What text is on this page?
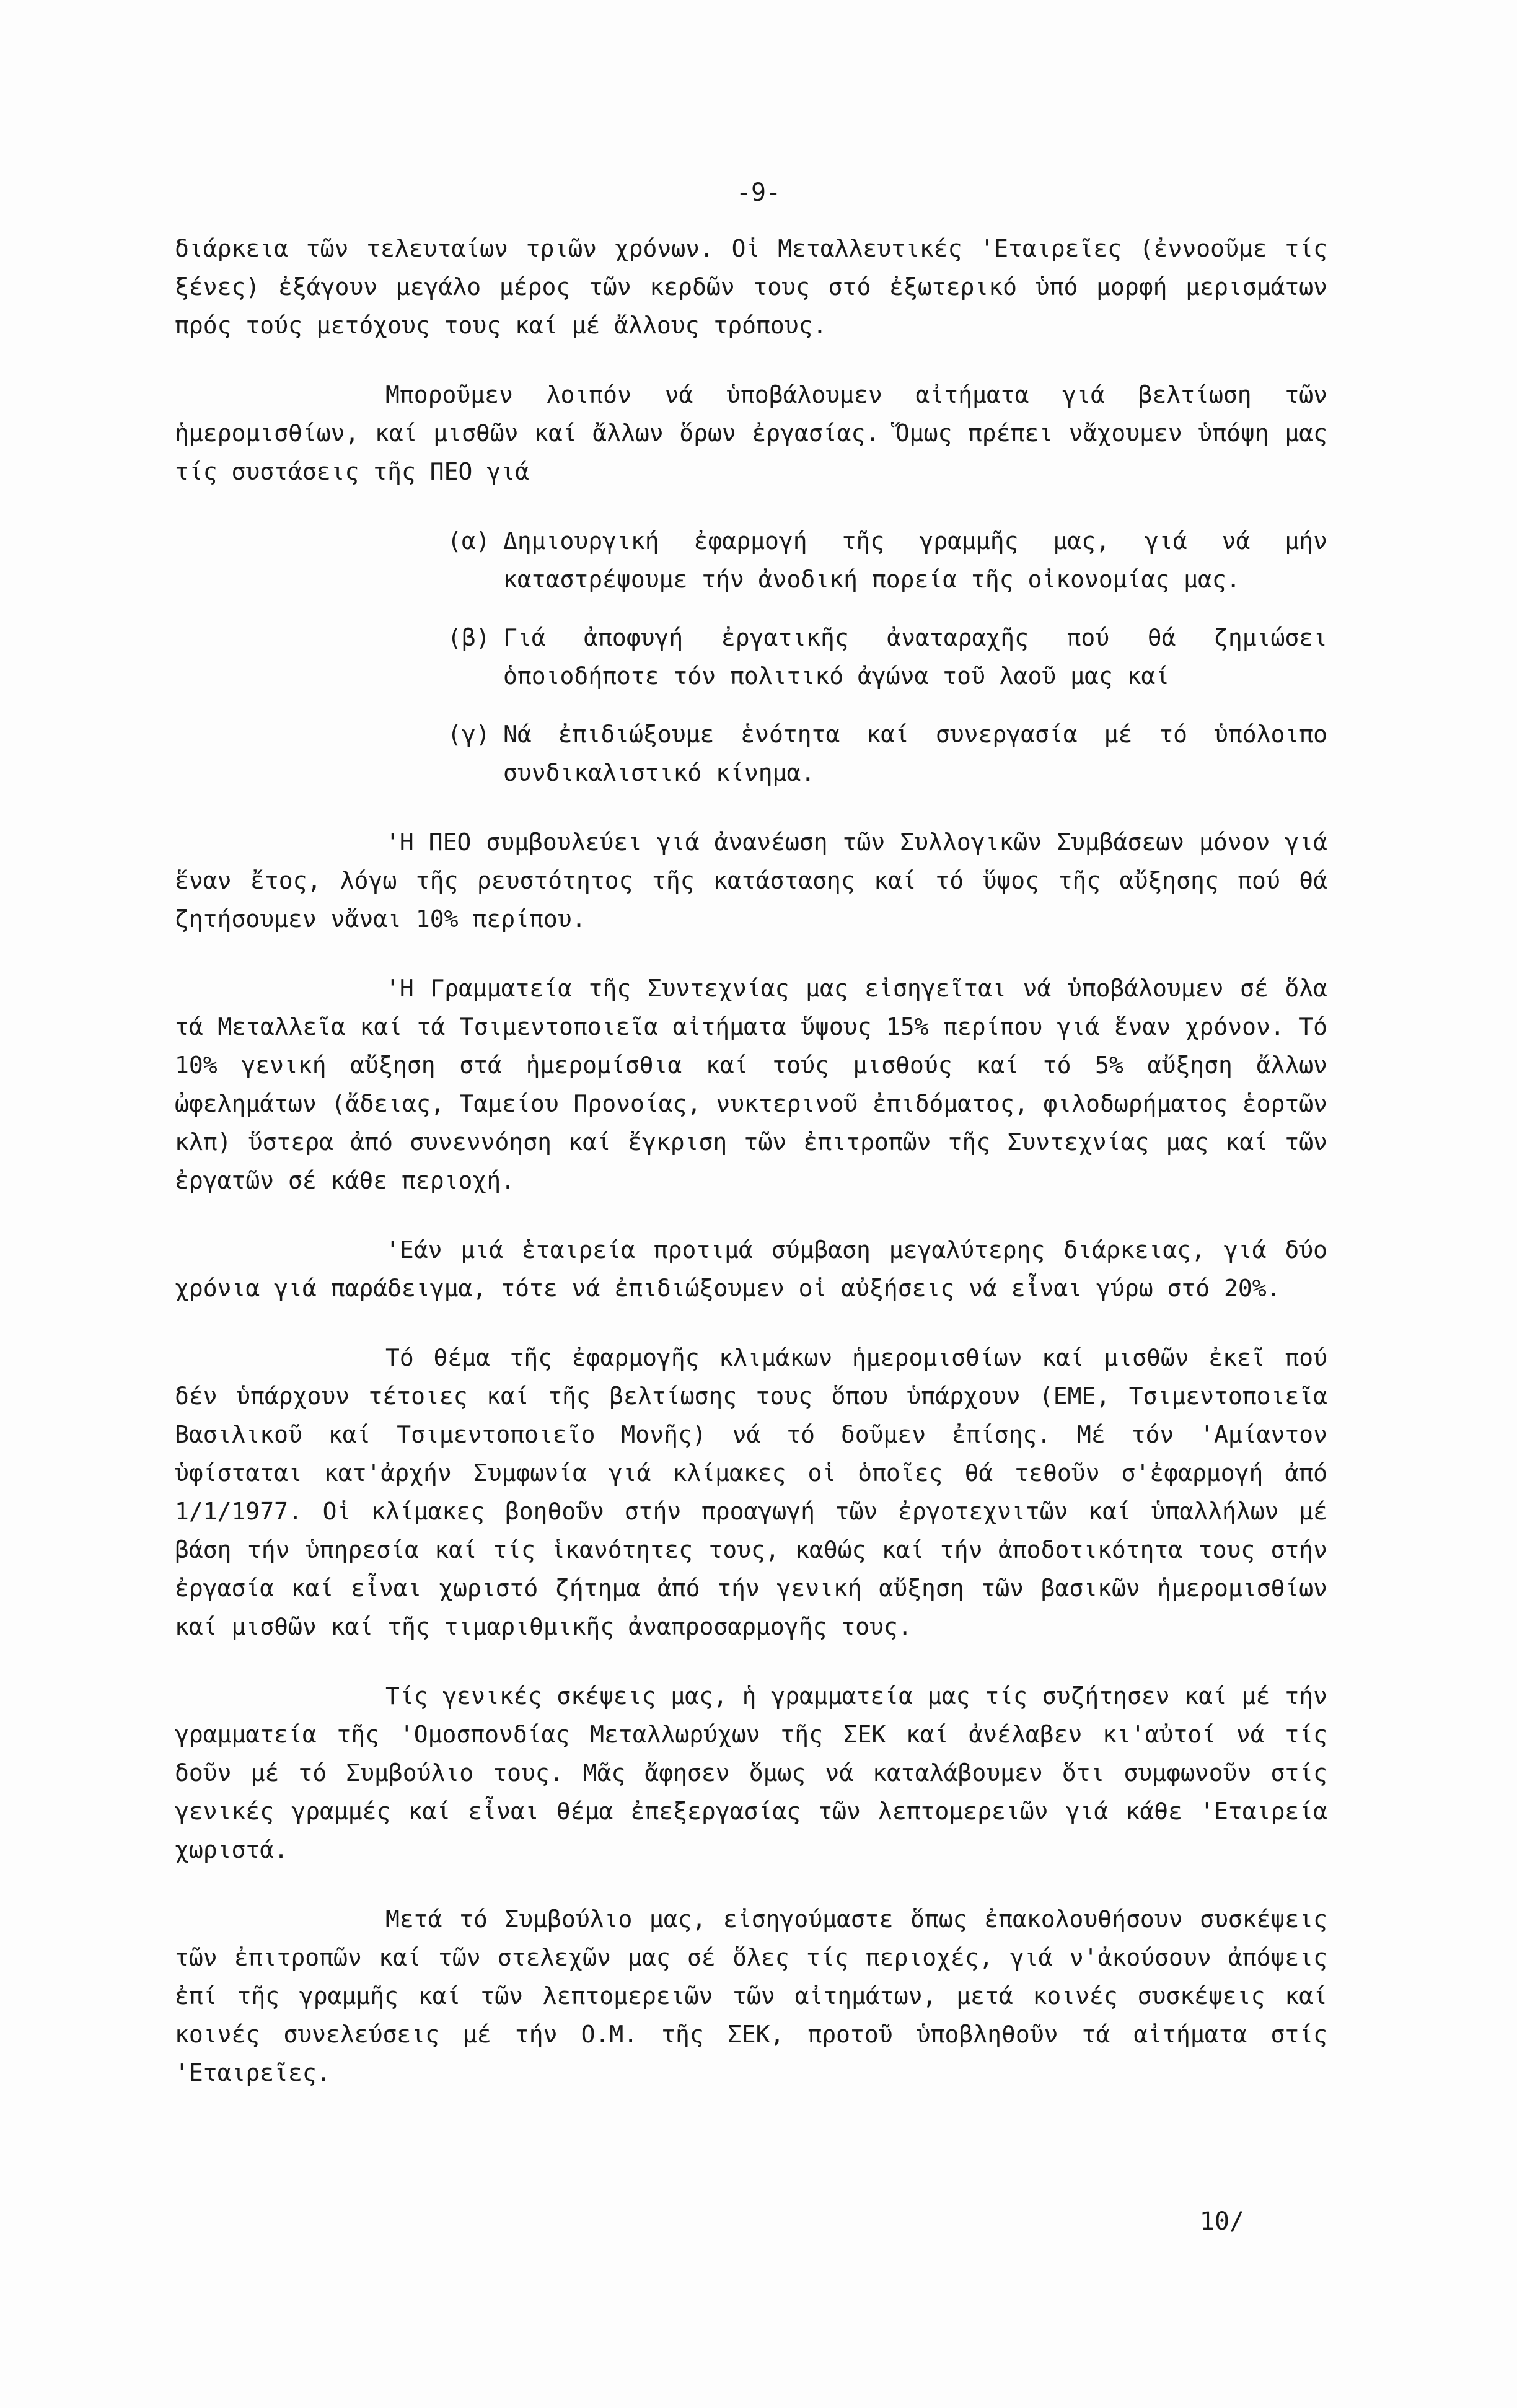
-9-

διάρκεια τῶν τελευταίων τριῶν χρόνων. Οἱ Μεταλλευτικές 'Εταιρεῖες (ἐννοοῦμε τίς ξένες) ἐξάγουν μεγάλο μέρος τῶν κερδῶν τους στό ἐξωτερικό ὑπό μορφή μερισμάτων πρός τούς μετόχους τους καί μέ ἄλλους τρόπους.

Μποροῦμεν λοιπόν νά ὑποβάλουμεν αἰτήματα γιά βελτίωση τῶν ἡμερομισθίων, καί μισθῶν καί ἄλλων ὅρων ἐργασίας. Ὅμως πρέπει νἄχουμεν ὑπόψη μας τίς συστάσεις τῆς ΠΕΟ γιά

(α) Δημιουργική ἐφαρμογή τῆς γραμμῆς μας, γιά νά μήν καταστρέψουμε τήν ἀνοδική πορεία τῆς οἰκονομίας μας.
(β) Γιά ἀποφυγή ἐργατικῆς ἀναταραχῆς πού θά ζημιώσει ὁποιοδήποτε τόν πολιτικό ἀγώνα τοῦ λαοῦ μας καί
(γ) Νά ἐπιδιώξουμε ἑνότητα καί συνεργασία μέ τό ὑπόλοιπο συνδικαλιστικό κίνημα.

'Η ΠΕΟ συμβουλεύει γιά ἀνανέωση τῶν Συλλογικῶν Συμβάσεων μόνον γιά ἕναν ἔτος, λόγω τῆς ρευστότητος τῆς κατάστασης καί τό ὕψος τῆς αὔξησης πού θά ζητήσουμεν νἄναι 10% περίπου.

'Η Γραμματεία τῆς Συντεχνίας μας εἰσηγεῖται νά ὑποβάλουμεν σέ ὅλα τά Μεταλλεῖα καί τά Τσιμεντοποιεῖα αἰτήματα ὕψους 15% περίπου γιά ἕναν χρόνον. Τό 10% γενική αὔξηση στά ἡμερομίσθια καί τούς μισθούς καί τό 5% αὔξηση ἄλλων ὠφελημάτων (ἄδειας, Ταμείου Προνοίας, νυκτερινοῦ ἐπιδόματος, φιλοδωρήματος ἑορτῶν κλπ) ὕστερα ἀπό συνεννόηση καί ἔγκριση τῶν ἐπιτροπῶν τῆς Συντεχνίας μας καί τῶν ἐργατῶν σέ κάθε περιοχή.

'Εάν μιά ἑταιρεία προτιμά σύμβαση μεγαλύτερης διάρκειας, γιά δύο χρόνια γιά παράδειγμα, τότε νά ἐπιδιώξουμεν οἱ αὐξήσεις νά εἶναι γύρω στό 20%.

Τό θέμα τῆς ἐφαρμογῆς κλιμάκων ἡμερομισθίων καί μισθῶν ἐκεῖ πού δέν ὑπάρχουν τέτοιες καί τῆς βελτίωσης τους ὅπου ὑπάρχουν (ΕΜΕ, Τσιμεντοποιεῖα Βασιλικοῦ καί Τσιμεντοποιεῖο Μονῆς) νά τό δοῦμεν ἐπίσης. Μέ τόν 'Αμίαντον ὑφίσταται κατ'ἀρχήν Συμφωνία γιά κλίμακες οἱ ὁποῖες θά τεθοῦν σ'ἐφαρμογή ἀπό 1/1/1977. Οἱ κλίμακες βοηθοῦν στήν προαγωγή τῶν ἐργοτεχνιτῶν καί ὑπαλλήλων μέ βάση τήν ὑπηρεσία καί τίς ἱκανότητες τους, καθώς καί τήν ἀποδοτικότητα τους στήν ἐργασία καί εἶναι χωριστό ζήτημα ἀπό τήν γενική αὔξηση τῶν βασικῶν ἡμερομισθίων καί μισθῶν καί τῆς τιμαριθμικῆς ἀναπροσαρμογῆς τους.

Τίς γενικές σκέψεις μας, ἡ γραμματεία μας τίς συζήτησεν καί μέ τήν γραμματεία τῆς 'Ομοσπονδίας Μεταλλωρύχων τῆς ΣΕΚ καί ἀνέλαβεν κι'αὐτοί νά τίς δοῦν μέ τό Συμβούλιο τους. Μᾶς ἄφησεν ὅμως νά καταλάβουμεν ὅτι συμφωνοῦν στίς γενικές γραμμές καί εἶναι θέμα ἐπεξεργασίας τῶν λεπτομερειῶν γιά κάθε 'Εταιρεία χωριστά.

Μετά τό Συμβούλιο μας, εἰσηγούμαστε ὅπως ἐπακολουθήσουν συσκέψεις τῶν ἐπιτροπῶν καί τῶν στελεχῶν μας σέ ὅλες τίς περιοχές, γιά ν'ἀκούσουν ἀπόψεις ἐπί τῆς γραμμῆς καί τῶν λεπτομερειῶν τῶν αἰτημάτων, μετά κοινές συσκέψεις καί κοινές συνελεύσεις μέ τήν Ο.Μ. τῆς ΣΕΚ, προτοῦ ὑποβληθοῦν τά αἰτήματα στίς 'Εταιρεῖες.

10/
